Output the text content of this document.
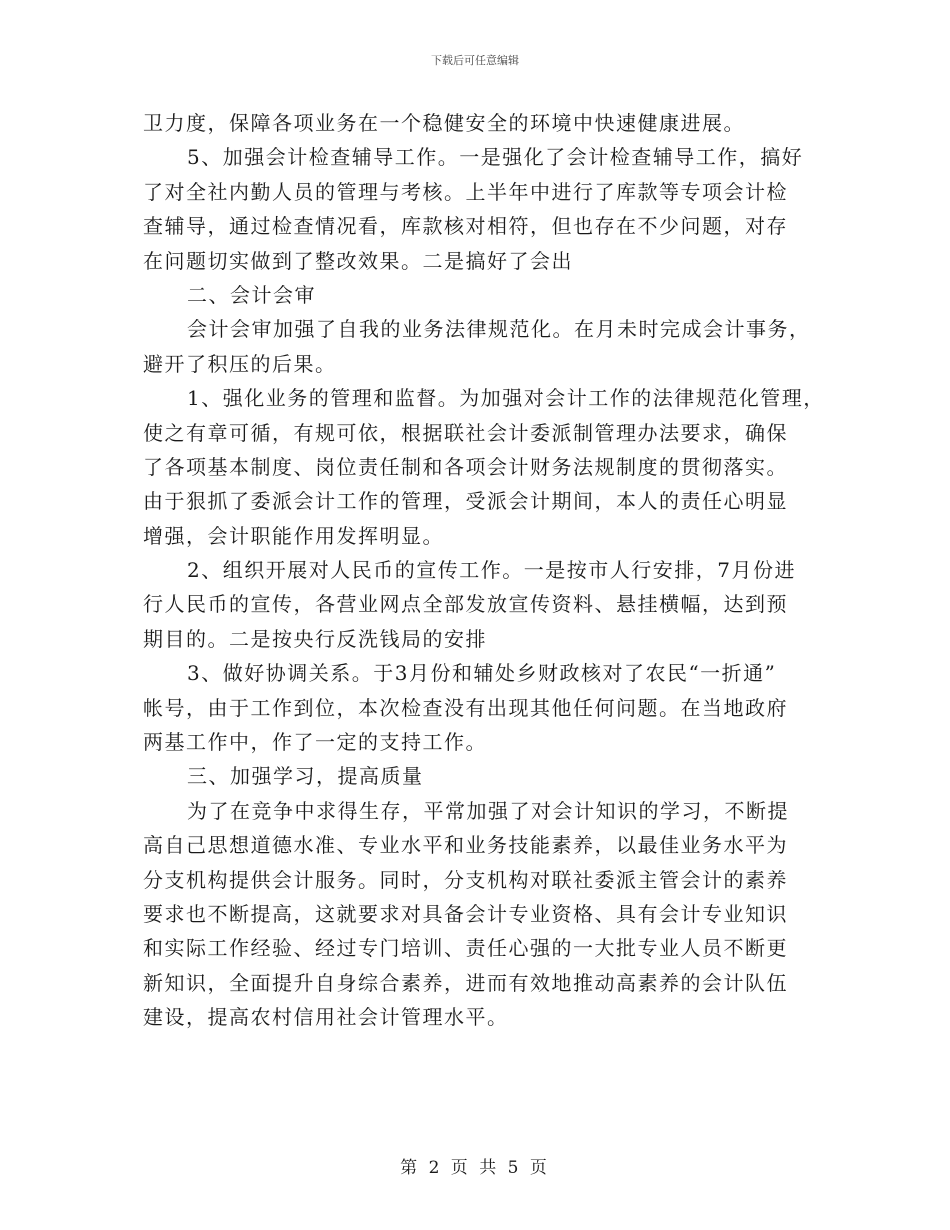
下载后可任意编辑
卫力度，保障各项业务在一个稳健安全的环境中快速健康进展。
5、加强会计检查辅导工作。一是强化了会计检查辅导工作，搞好
了对全社内勤人员的管理与考核。上半年中进行了库款等专项会计检
查辅导，通过检查情况看，库款核对相符，但也存在不少问题，对存
在问题切实做到了整改效果。二是搞好了会出
二、会计会审
会计会审加强了自我的业务法律规范化。在月未时完成会计事务，
避开了积压的后果。
1、强化业务的管理和监督。为加强对会计工作的法律规范化管理，
使之有章可循，有规可依，根据联社会计委派制管理办法要求，确保
了各项基本制度、岗位责任制和各项会计财务法规制度的贯彻落实。
由于狠抓了委派会计工作的管理，受派会计期间，本人的责任心明显
增强，会计职能作用发挥明显。
2、组织开展对人民币的宣传工作。一是按市人行安排，7月份进
行人民币的宣传，各营业网点全部发放宣传资料、悬挂横幅，达到预
期目的。二是按央行反洗钱局的安排
3、做好协调关系。于3月份和辅处乡财政核对了农民“一折通”
帐号，由于工作到位，本次检查没有出现其他任何问题。在当地政府
两基工作中，作了一定的支持工作。
三、加强学习，提高质量
为了在竞争中求得生存，平常加强了对会计知识的学习，不断提
高自己思想道德水准、专业水平和业务技能素养，以最佳业务水平为
分支机构提供会计服务。同时，分支机构对联社委派主管会计的素养
要求也不断提高，这就要求对具备会计专业资格、具有会计专业知识
和实际工作经验、经过专门培训、责任心强的一大批专业人员不断更
新知识，全面提升自身综合素养，进而有效地推动高素养的会计队伍
建设，提高农村信用社会计管理水平。
第 2 页 共 5 页
